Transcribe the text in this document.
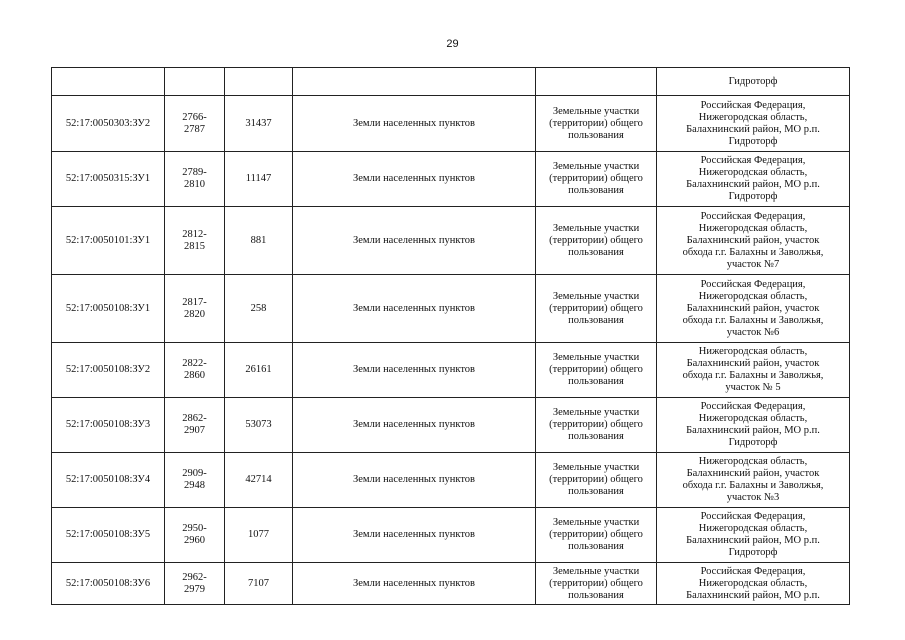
29
					Гидроторф
52:17:0050303:ЗУ2	2766-
2787	31437	Земли населенных пунктов	Земельные участки
(территории) общего
пользования	Российская Федерация,
Нижегородская область,
Балахнинский район, МО р.п.
Гидроторф
52:17:0050315:ЗУ1	2789-
2810	11147	Земли населенных пунктов	Земельные участки
(территории) общего
пользования	Российская Федерация,
Нижегородская область,
Балахнинский район, МО р.п.
Гидроторф
52:17:0050101:ЗУ1	2812-
2815	881	Земли населенных пунктов	Земельные участки
(территории) общего
пользования	Российская Федерация,
Нижегородская область,
Балахнинский район, участок
обхода г.г. Балахны и Заволжья,
участок №7
52:17:0050108:ЗУ1	2817-
2820	258	Земли населенных пунктов	Земельные участки
(территории) общего
пользования	Российская Федерация,
Нижегородская область,
Балахнинский район, участок
обхода г.г. Балахны и Заволжья,
участок №6
52:17:0050108:ЗУ2	2822-
2860	26161	Земли населенных пунктов	Земельные участки
(территории) общего
пользования	Нижегородская область,
Балахнинский район, участок
обхода г.г. Балахны и Заволжья,
участок № 5
52:17:0050108:ЗУ3	2862-
2907	53073	Земли населенных пунктов	Земельные участки
(территории) общего
пользования	Российская Федерация,
Нижегородская область,
Балахнинский район, МО р.п.
Гидроторф
52:17:0050108:ЗУ4	2909-
2948	42714	Земли населенных пунктов	Земельные участки
(территории) общего
пользования	Нижегородская область,
Балахнинский район, участок
обхода г.г. Балахны и Заволжья,
участок №3
52:17:0050108:ЗУ5	2950-
2960	1077	Земли населенных пунктов	Земельные участки
(территории) общего
пользования	Российская Федерация,
Нижегородская область,
Балахнинский район, МО р.п.
Гидроторф
52:17:0050108:ЗУ6	2962-
2979	7107	Земли населенных пунктов	Земельные участки
(территории) общего
пользования	Российская Федерация,
Нижегородская область,
Балахнинский район, МО р.п.
